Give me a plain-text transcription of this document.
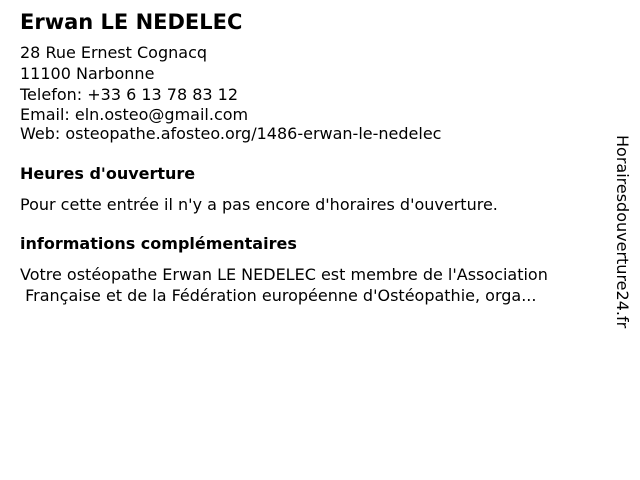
Erwan LE NEDELEC
28 Rue Ernest Cognacq
11100 Narbonne
Telefon: +33 6 13 78 83 12
Email: eln.osteo@gmail.com
Web: osteopathe.afosteo.org/1486-erwan-le-nedelec
Heures d'ouverture
Pour cette entrée il n'y a pas encore d'horaires d'ouverture.
informations complémentaires
Votre ostéopathe Erwan LE NEDELEC est membre de l'Association
Française et de la Fédération européenne d'Ostéopathie, orga...	Horairesdouverture24.fr
